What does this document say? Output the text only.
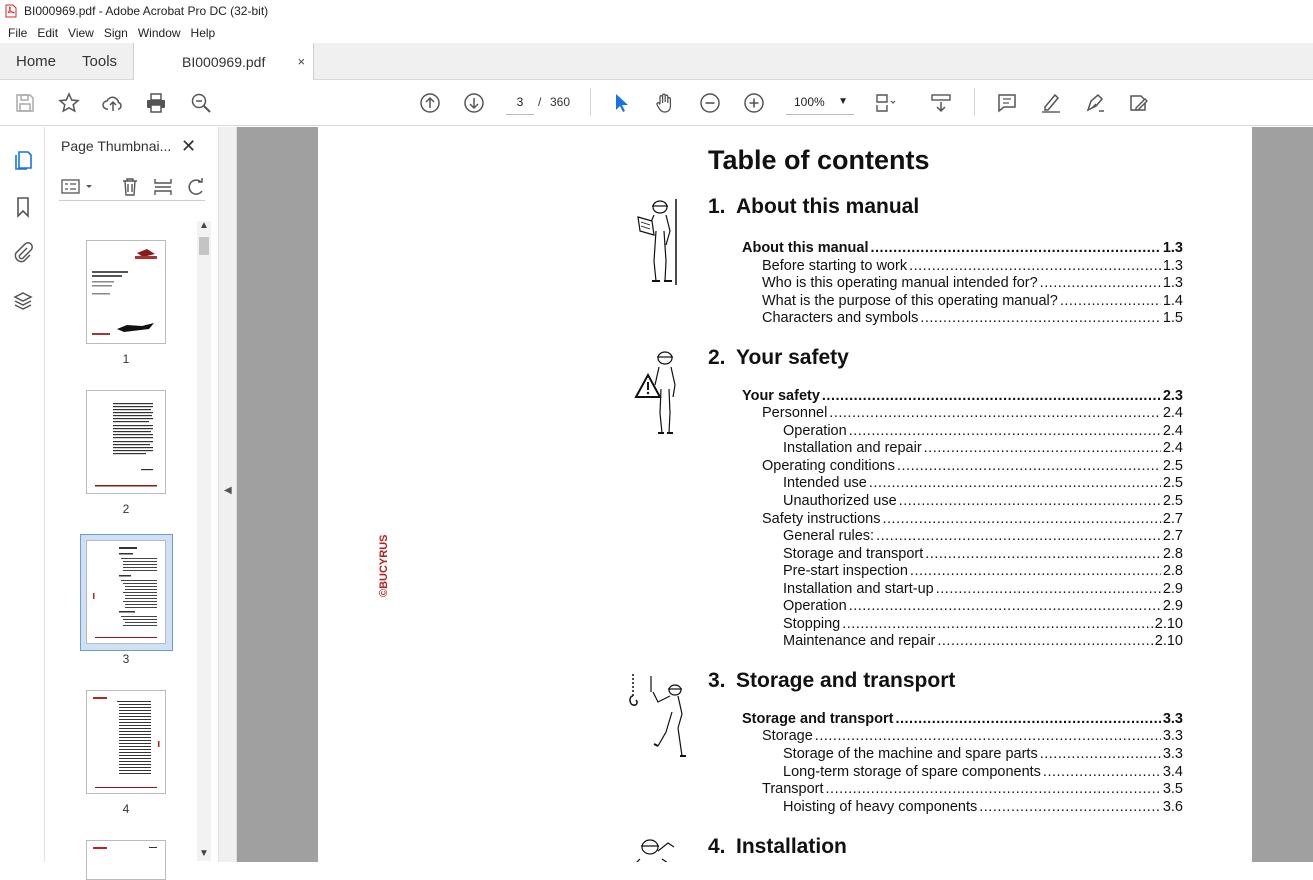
BI000969.pdf - Adobe Acrobat Pro DC (32-bit)
File Edit View Sign Window Help
Home	Tools	BI000969.pdf ×
3	/ 360	100% ▼
Page Thumbnai... ✕
▲
▼
1
2
3
4
◀
©BUCYRUS
Table of contents
1. About this manual
About this manual .....	1.3
Before starting to work .....	1.3
Who is this operating manual intended for? .....	1.3
What is the purpose of this operating manual? .....	1.4
Characters and symbols .....	1.5
2. Your safety
Your safety .....	2.3
Personnel .....	2.4
Operation .....	2.4
Installation and repair .....	2.4
Operating conditions .....	2.5
Intended use .....	2.5
Unauthorized use .....	2.5
Safety instructions .....	2.7
General rules: .....	2.7
Storage and transport .....	2.8
Pre-start inspection .....	2.8
Installation and start-up .....	2.9
Operation .....	2.9
Stopping .....	2.10
Maintenance and repair .....	2.10
3. Storage and transport
Storage and transport .....	3.3
Storage .....	3.3
Storage of the machine and spare parts .....	3.3
Long-term storage of spare components .....	3.4
Transport .....	3.5
Hoisting of heavy components .....	3.6
4. Installation
